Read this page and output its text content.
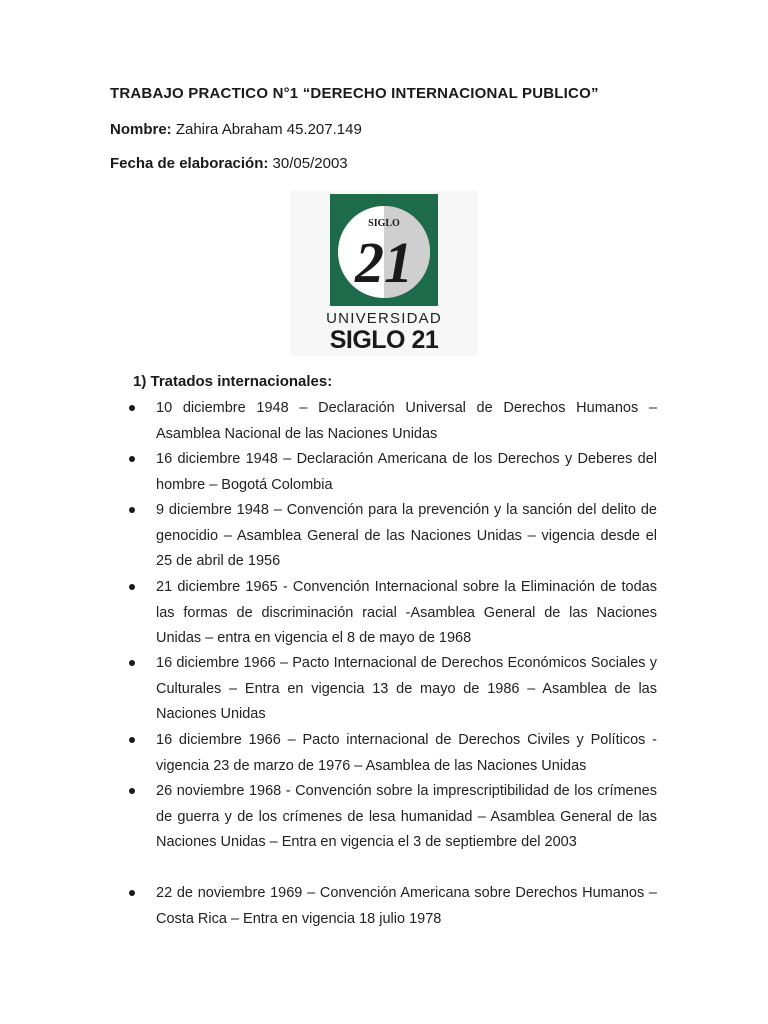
TRABAJO PRACTICO N°1 “DERECHO INTERNACIONAL PUBLICO”
Nombre: Zahira Abraham 45.207.149
Fecha de elaboración: 30/05/2003
SIGLO
21
UNIVERSIDAD
SIGLO 21
1) Tratados internacionales:
10 diciembre 1948 – Declaración Universal de Derechos Humanos – Asamblea Nacional de las Naciones Unidas
16 diciembre 1948 – Declaración Americana de los Derechos y Deberes del hombre – Bogotá Colombia
9 diciembre 1948 – Convención para la prevención y la sanción del delito de genocidio – Asamblea General de las Naciones Unidas – vigencia desde el 25 de abril de 1956
21 diciembre 1965 - Convención Internacional sobre la Eliminación de todas las formas de discriminación racial -Asamblea General de las Naciones Unidas – entra en vigencia el 8 de mayo de 1968
16 diciembre 1966 – Pacto Internacional de Derechos Económicos Sociales y Culturales – Entra en vigencia 13 de mayo de 1986 – Asamblea de las Naciones Unidas
16 diciembre 1966 – Pacto internacional de Derechos Civiles y Políticos -vigencia 23 de marzo de 1976 – Asamblea de las Naciones Unidas
26 noviembre 1968 - Convención sobre la imprescriptibilidad de los crímenes de guerra y de los crímenes de lesa humanidad – Asamblea General de las Naciones Unidas – Entra en vigencia el 3 de septiembre del 2003
22 de noviembre 1969 – Convención Americana sobre Derechos Humanos – Costa Rica – Entra en vigencia 18 julio 1978
